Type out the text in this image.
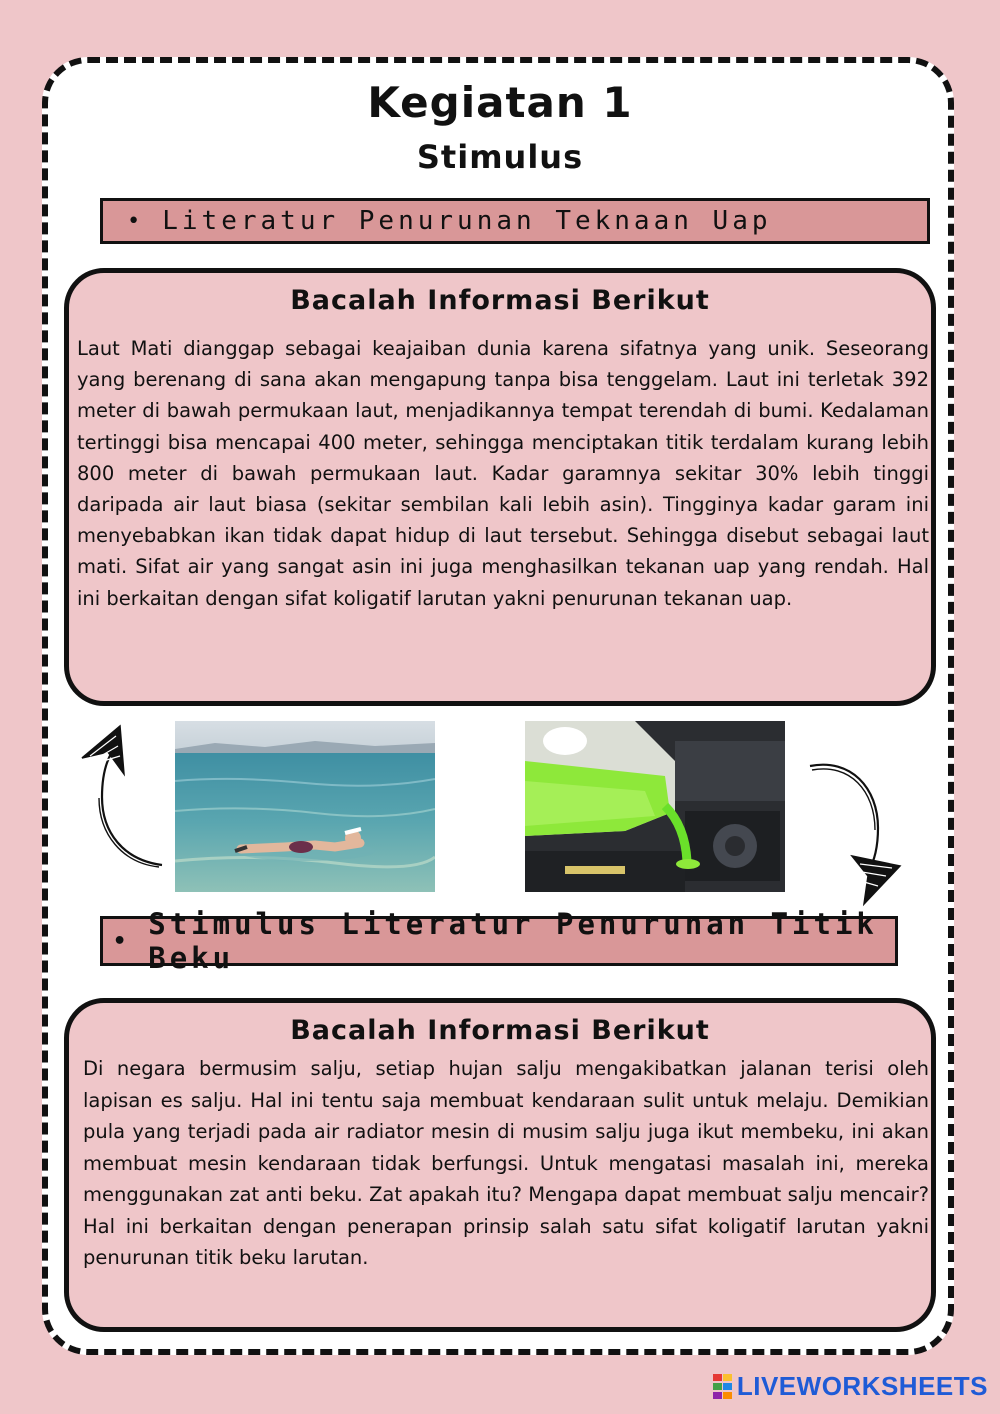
Kegiatan 1
Stimulus
• Literatur Penurunan Teknaan Uap
Bacalah Informasi Berikut
Laut Mati dianggap sebagai keajaiban dunia karena sifatnya yang unik. Seseorang yang berenang di sana akan mengapung tanpa bisa tenggelam. Laut ini terletak 392 meter di bawah permukaan laut, menjadikannya tempat terendah di bumi. Kedalaman tertinggi bisa mencapai 400 meter, sehingga menciptakan titik terdalam kurang lebih 800 meter di bawah permukaan laut. Kadar garamnya sekitar 30% lebih tinggi daripada air laut biasa (sekitar sembilan kali lebih asin). Tingginya kadar garam ini menyebabkan ikan tidak dapat hidup di laut tersebut. Sehingga disebut sebagai laut mati. Sifat air yang sangat asin ini juga menghasilkan tekanan uap yang rendah. Hal ini berkaitan dengan sifat koligatif larutan yakni penurunan tekanan uap.
• Stimulus Literatur Penurunan Titik Beku
Bacalah Informasi Berikut
Di negara bermusim salju, setiap hujan salju mengakibatkan jalanan terisi oleh lapisan es salju. Hal ini tentu saja membuat kendaraan sulit untuk melaju. Demikian pula yang terjadi pada air radiator mesin di musim salju juga ikut membeku, ini akan membuat mesin kendaraan tidak berfungsi. Untuk mengatasi masalah ini, mereka menggunakan zat anti beku. Zat apakah itu? Mengapa dapat membuat salju mencair? Hal ini berkaitan dengan penerapan prinsip salah satu sifat koligatif larutan yakni penurunan titik beku larutan.
LIVEWORKSHEETS
